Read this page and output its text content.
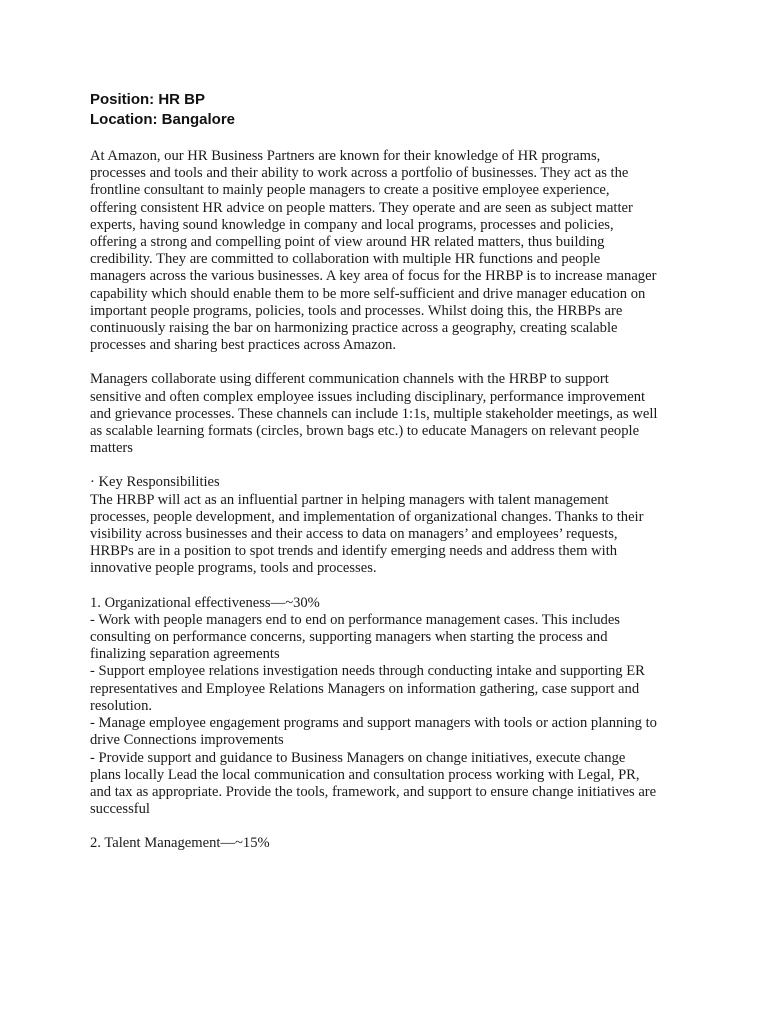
Position: HR BP
Location: Bangalore

At Amazon, our HR Business Partners are known for their knowledge of HR programs,
processes and tools and their ability to work across a portfolio of businesses. They act as the
frontline consultant to mainly people managers to create a positive employee experience,
offering consistent HR advice on people matters. They operate and are seen as subject matter
experts, having sound knowledge in company and local programs, processes and policies,
offering a strong and compelling point of view around HR related matters, thus building
credibility. They are committed to collaboration with multiple HR functions and people
managers across the various businesses. A key area of focus for the HRBP is to increase manager
capability which should enable them to be more self-sufficient and drive manager education on
important people programs, policies, tools and processes. Whilst doing this, the HRBPs are
continuously raising the bar on harmonizing practice across a geography, creating scalable
processes and sharing best practices across Amazon.

Managers collaborate using different communication channels with the HRBP to support
sensitive and often complex employee issues including disciplinary, performance improvement
and grievance processes. These channels can include 1:1s, multiple stakeholder meetings, as well
as scalable learning formats (circles, brown bags etc.) to educate Managers on relevant people
matters

· Key Responsibilities
The HRBP will act as an influential partner in helping managers with talent management
processes, people development, and implementation of organizational changes. Thanks to their
visibility across businesses and their access to data on managers’ and employees’ requests,
HRBPs are in a position to spot trends and identify emerging needs and address them with
innovative people programs, tools and processes.

1. Organizational effectiveness—~30%
- Work with people managers end to end on performance management cases. This includes
consulting on performance concerns, supporting managers when starting the process and
finalizing separation agreements
- Support employee relations investigation needs through conducting intake and supporting ER
representatives and Employee Relations Managers on information gathering, case support and
resolution.
- Manage employee engagement programs and support managers with tools or action planning to
drive Connections improvements
- Provide support and guidance to Business Managers on change initiatives, execute change
plans locally Lead the local communication and consultation process working with Legal, PR,
and tax as appropriate. Provide the tools, framework, and support to ensure change initiatives are
successful

2. Talent Management—~15%
